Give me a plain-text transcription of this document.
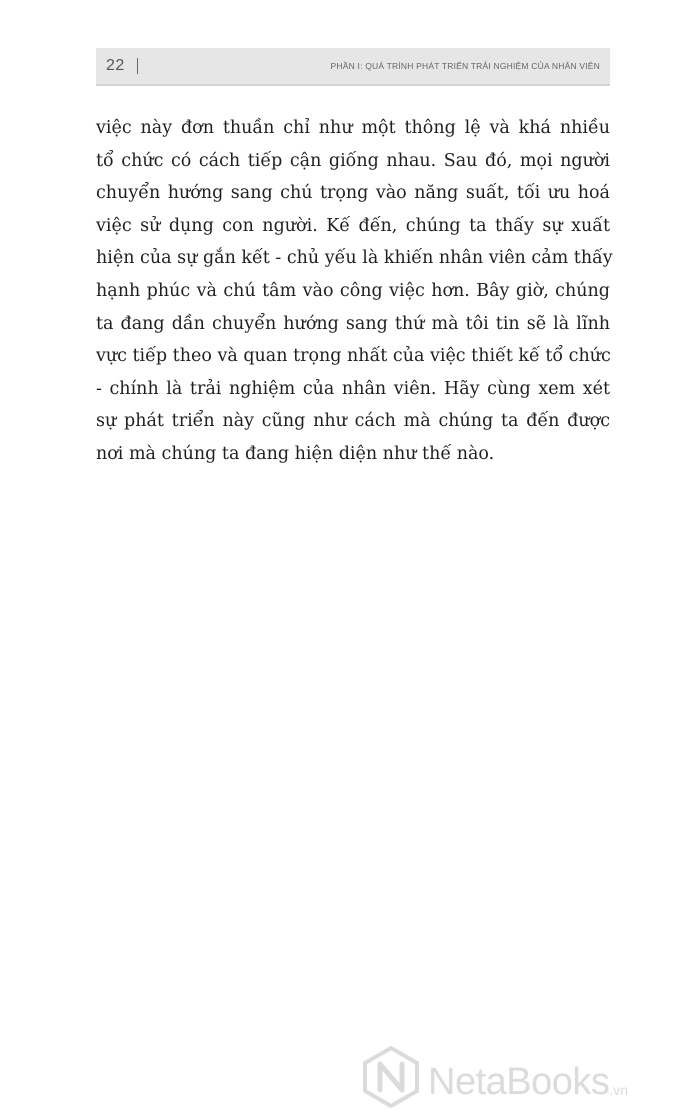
22	PHẦN I: QUÁ TRÌNH PHÁT TRIỂN TRẢI NGHIỆM CỦA NHÂN VIÊN
việc này đơn thuần chỉ như một thông lệ và khá nhiều
tổ chức có cách tiếp cận giống nhau. Sau đó, mọi người
chuyển hướng sang chú trọng vào năng suất, tối ưu hoá
việc sử dụng con người. Kế đến, chúng ta thấy sự xuất
hiện của sự gắn kết - chủ yếu là khiến nhân viên cảm thấy
hạnh phúc và chú tâm vào công việc hơn. Bây giờ, chúng
ta đang dần chuyển hướng sang thứ mà tôi tin sẽ là lĩnh
vực tiếp theo và quan trọng nhất của việc thiết kế tổ chức
- chính là trải nghiệm của nhân viên. Hãy cùng xem xét
sự phát triển này cũng như cách mà chúng ta đến được
nơi mà chúng ta đang hiện diện như thế nào.
NetaBooks .vn
